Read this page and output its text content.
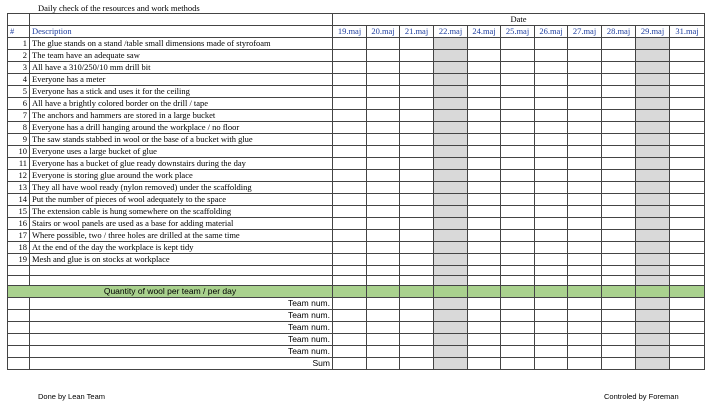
Daily check of the resources and work methods
		Date										
#	Description	19.maj	20.maj	21.maj	22.maj	24.maj	25.maj	26.maj	27.maj	28.maj	29.maj	31.maj
1	The glue stands on a stand /table small dimensions made of styrofoam											
2	The team have an adequate saw											
3	All have a 310/250/10 mm drill bit											
4	Everyone has a meter											
5	Everyone has a stick and uses it for the ceiling											
6	All have a brightly colored border on the drill / tape											
7	The anchors and hammers are stored in a large bucket											
8	Everyone has a drill hanging around the workplace / no floor											
9	The saw stands stabbed in wool or the base of a bucket with glue											
10	Everyone uses a large bucket of glue											
11	Everyone has a bucket of glue ready downstairs during the day											
12	Everyone is storing glue around the work place											
13	They all have wool ready (nylon removed) under the scaffolding											
14	Put the number of pieces of wool adequately to the space											
15	The extension cable is hung somewhere on the scaffolding											
16	Stairs or wool panels are used as a base for adding material											
17	Where possible, two / three holes are drilled at the same time											
18	At the end of the day the workplace is kept tidy											
19	Mesh and glue is on stocks at workplace											

Quantity of wool per team / per day												
	Team num.											
	Team num.											
	Team num.											
	Team num.											
	Team num.											
	Sum											
Done by Lean Team	Controled by Foreman
